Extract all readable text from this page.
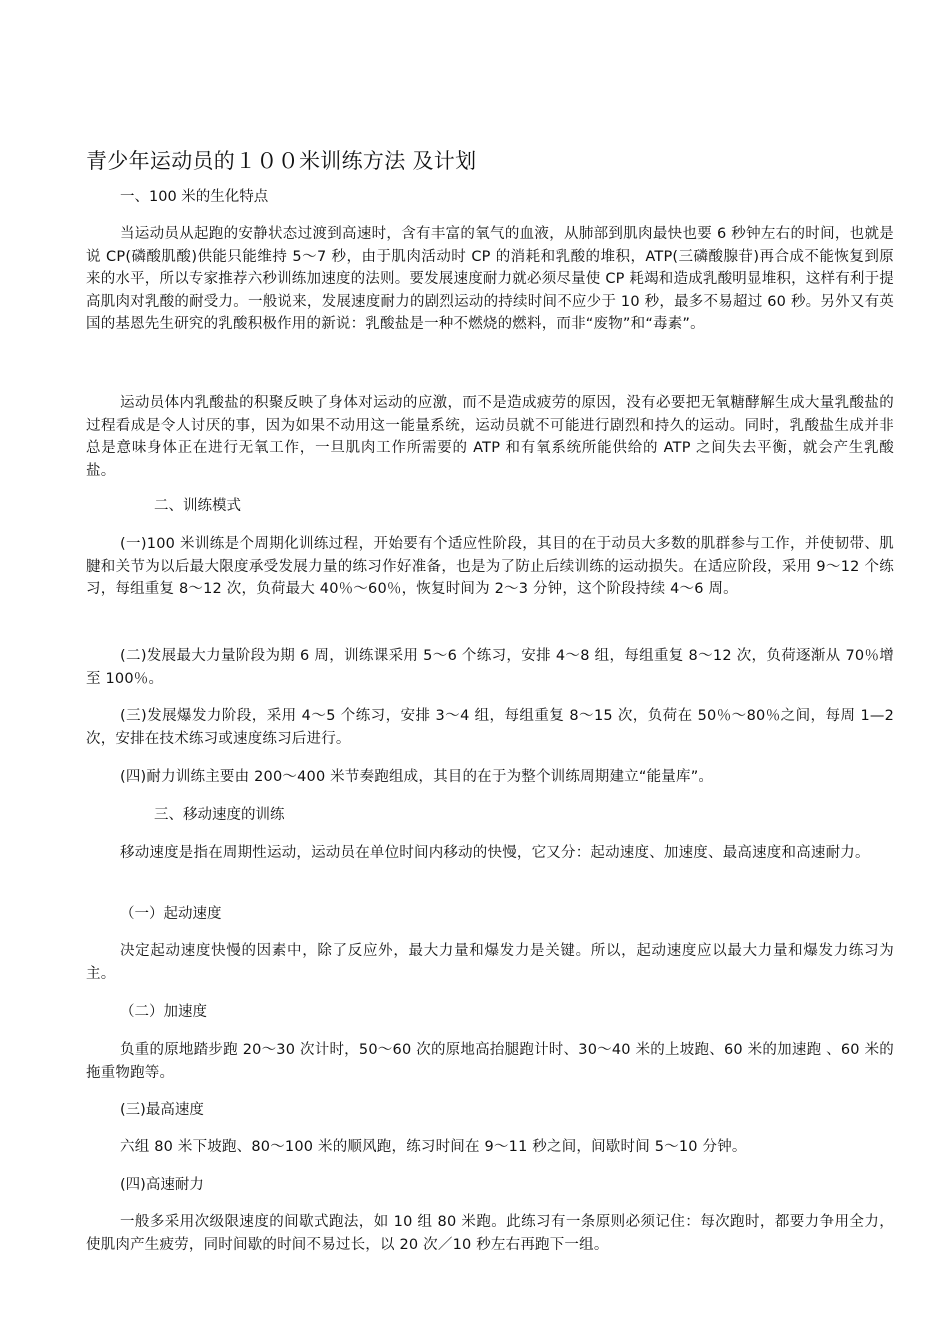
青少年运动员的１００米训练方法 及计划
一、100 米的生化特点
当运动员从起跑的安静状态过渡到高速时，含有丰富的氧气的血液，从肺部到肌肉最快也要 6 秒钟左右的时间，也就是说 CP(磷酸肌酸)供能只能维持 5～7 秒，由于肌肉活动时 CP 的消耗和乳酸的堆积，ATP(三磷酸腺苷)再合成不能恢复到原来的水平，所以专家推荐六秒训练加速度的法则。要发展速度耐力就必须尽量使 CP 耗竭和造成乳酸明显堆积，这样有利于提高肌肉对乳酸的耐受力。一般说来，发展速度耐力的剧烈运动的持续时间不应少于 10 秒，最多不易超过 60 秒。另外又有英国的基恩先生研究的乳酸积极作用的新说：乳酸盐是一种不燃烧的燃料，而非“废物”和“毒素”。
运动员体内乳酸盐的积聚反映了身体对运动的应激，而不是造成疲劳的原因，没有必要把无氧糖酵解生成大量乳酸盐的过程看成是令人讨厌的事，因为如果不动用这一能量系统，运动员就不可能进行剧烈和持久的运动。同时，乳酸盐生成并非总是意味身体正在进行无氧工作，一旦肌肉工作所需要的 ATP 和有氧系统所能供给的 ATP 之间失去平衡，就会产生乳酸盐。
二、训练模式
(一)100 米训练是个周期化训练过程，开始要有个适应性阶段，其目的在于动员大多数的肌群参与工作，并使韧带、肌腱和关节为以后最大限度承受发展力量的练习作好准备，也是为了防止后续训练的运动损失。在适应阶段，采用 9～12 个练习，每组重复 8～12 次，负荷最大 40％～60％，恢复时间为 2～3 分钟，这个阶段持续 4～6 周。
(二)发展最大力量阶段为期 6 周，训练课采用 5～6 个练习，安排 4～8 组，每组重复 8～12 次，负荷逐渐从 70％增至 100％。
(三)发展爆发力阶段，采用 4～5 个练习，安排 3～4 组，每组重复 8～15 次，负荷在 50％～80％之间，每周 1—2 次，安排在技术练习或速度练习后进行。
(四)耐力训练主要由 200～400 米节奏跑组成，其目的在于为整个训练周期建立“能量库”。
三、移动速度的训练
移动速度是指在周期性运动，运动员在单位时间内移动的快慢，它又分：起动速度、加速度、最高速度和高速耐力。
（一）起动速度
决定起动速度快慢的因素中，除了反应外，最大力量和爆发力是关键。所以，起动速度应以最大力量和爆发力练习为主。
（二）加速度
负重的原地踏步跑 20～30 次计时，50～60 次的原地高抬腿跑计时、30～40 米的上坡跑、60 米的加速跑 、60 米的拖重物跑等。
(三)最高速度
六组 80 米下坡跑、80～100 米的顺风跑，练习时间在 9～11 秒之间，间歇时间 5～10 分钟。
(四)高速耐力
一般多采用次级限速度的间歇式跑法，如 10 组 80 米跑。此练习有一条原则必须记住：每次跑时，都要力争用全力，使肌肉产生疲劳，同时间歇的时间不易过长，以 20 次／10 秒左右再跑下一组。
